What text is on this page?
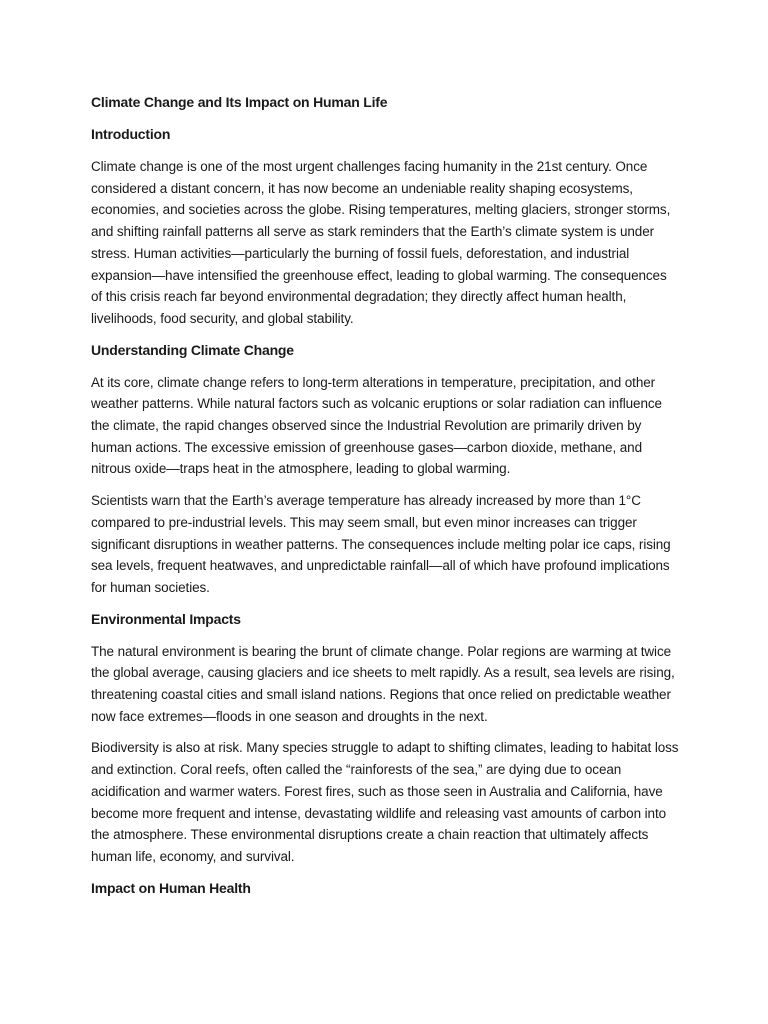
Climate Change and Its Impact on Human Life
Introduction

Climate change is one of the most urgent challenges facing humanity in the 21st century. Once considered a distant concern, it has now become an undeniable reality shaping ecosystems, economies, and societies across the globe. Rising temperatures, melting glaciers, stronger storms, and shifting rainfall patterns all serve as stark reminders that the Earth’s climate system is under stress. Human activities—particularly the burning of fossil fuels, deforestation, and industrial expansion—have intensified the greenhouse effect, leading to global warming. The consequences of this crisis reach far beyond environmental degradation; they directly affect human health, livelihoods, food security, and global stability.

Understanding Climate Change

At its core, climate change refers to long-term alterations in temperature, precipitation, and other weather patterns. While natural factors such as volcanic eruptions or solar radiation can influence the climate, the rapid changes observed since the Industrial Revolution are primarily driven by human actions. The excessive emission of greenhouse gases—carbon dioxide, methane, and nitrous oxide—traps heat in the atmosphere, leading to global warming.

Scientists warn that the Earth’s average temperature has already increased by more than 1°C compared to pre-industrial levels. This may seem small, but even minor increases can trigger significant disruptions in weather patterns. The consequences include melting polar ice caps, rising sea levels, frequent heatwaves, and unpredictable rainfall—all of which have profound implications for human societies.

Environmental Impacts

The natural environment is bearing the brunt of climate change. Polar regions are warming at twice the global average, causing glaciers and ice sheets to melt rapidly. As a result, sea levels are rising, threatening coastal cities and small island nations. Regions that once relied on predictable weather now face extremes—floods in one season and droughts in the next.

Biodiversity is also at risk. Many species struggle to adapt to shifting climates, leading to habitat loss and extinction. Coral reefs, often called the “rainforests of the sea,” are dying due to ocean acidification and warmer waters. Forest fires, such as those seen in Australia and California, have become more frequent and intense, devastating wildlife and releasing vast amounts of carbon into the atmosphere. These environmental disruptions create a chain reaction that ultimately affects human life, economy, and survival.

Impact on Human Health
